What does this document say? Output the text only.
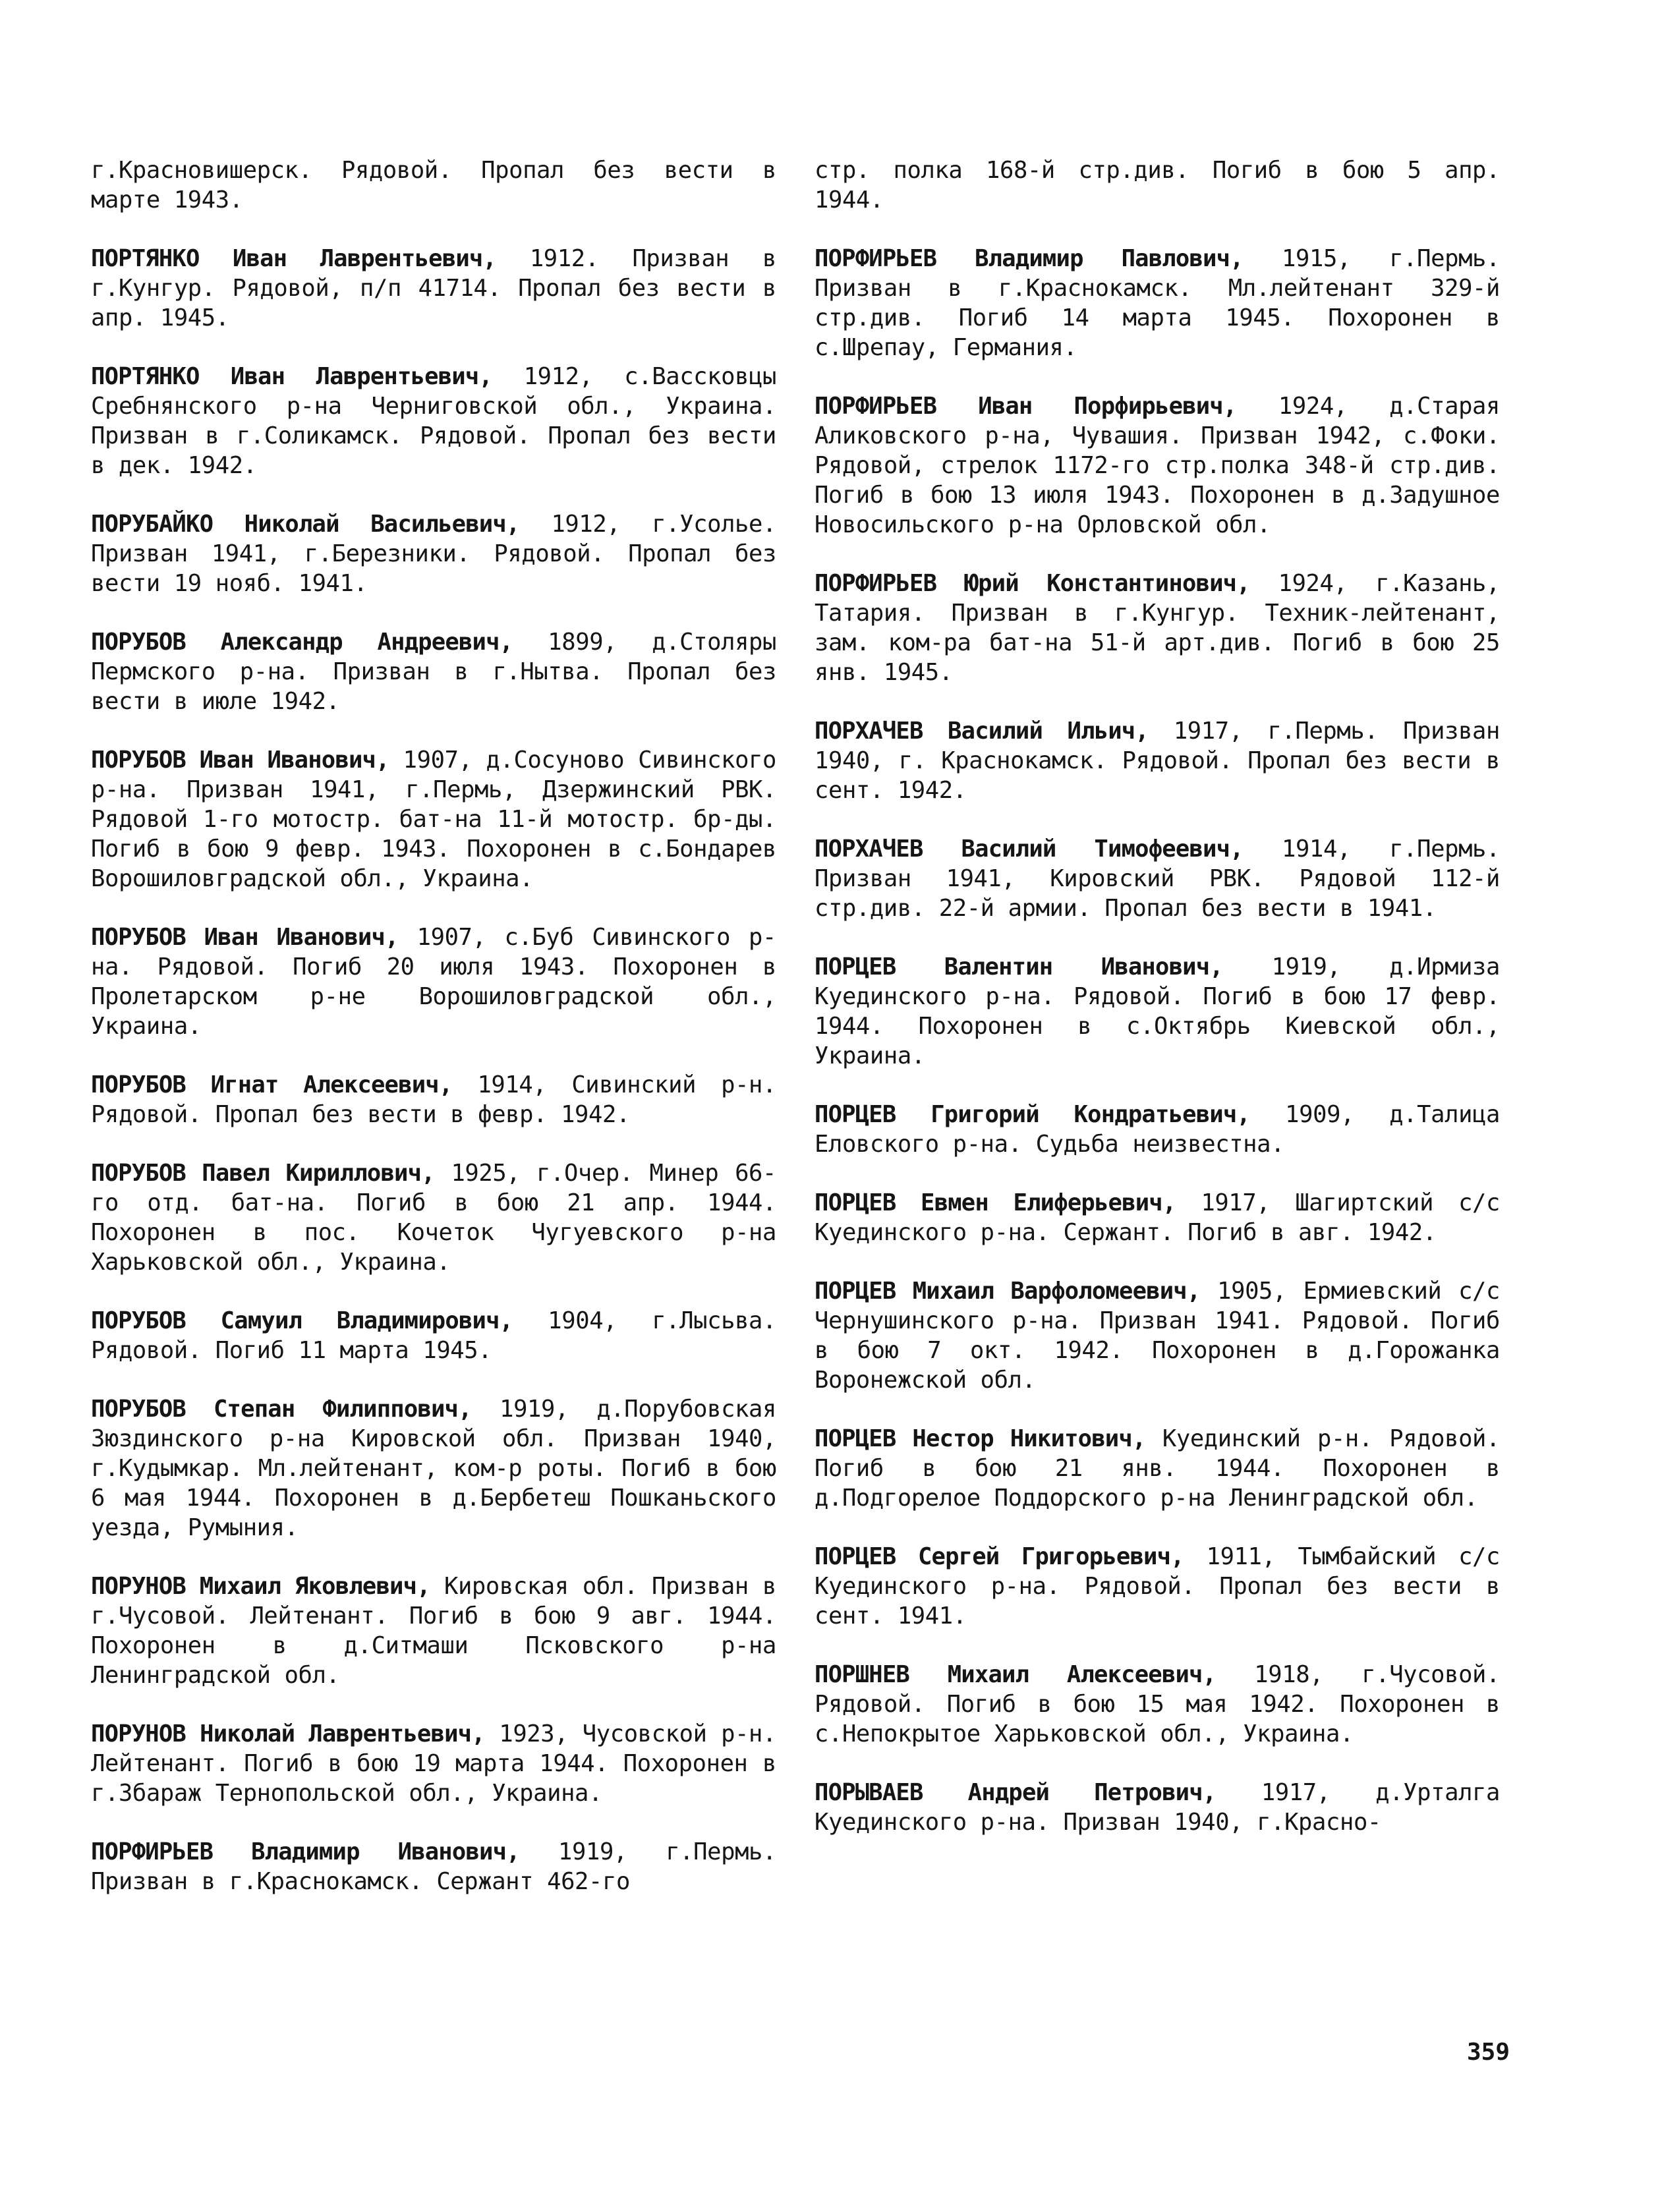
г.Красновишерск. Рядовой. Пропал без вести в марте 1943.

ПОРТЯНКО Иван Лаврентьевич, 1912. Призван в г.Кунгур. Рядовой, п/п 41714. Пропал без вести в апр. 1945.

ПОРТЯНКО Иван Лаврентьевич, 1912, с.Вассковцы Сребнянского р-на Черниговской обл., Украина. Призван в г.Соликамск. Рядовой. Пропал без вести в дек. 1942.

ПОРУБАЙКО Николай Васильевич, 1912, г.Усолье. Призван 1941, г.Березники. Рядовой. Пропал без вести 19 нояб. 1941.

ПОРУБОВ Александр Андреевич, 1899, д.Столяры Пермского р-на. Призван в г.Нытва. Пропал без вести в июле 1942.

ПОРУБОВ Иван Иванович, 1907, д.Сосуново Сивинского р-на. Призван 1941, г.Пермь, Дзержинский РВК. Рядовой 1-го мотостр. бат-на 11-й мотостр. бр-ды. Погиб в бою 9 февр. 1943. Похоронен в с.Бондарев Ворошиловградской обл., Украина.

ПОРУБОВ Иван Иванович, 1907, с.Буб Сивинского р-на. Рядовой. Погиб 20 июля 1943. Похоронен в Пролетарском р-не Ворошиловградской обл., Украина.

ПОРУБОВ Игнат Алексеевич, 1914, Сивинский р-н. Рядовой. Пропал без вести в февр. 1942.

ПОРУБОВ Павел Кириллович, 1925, г.Очер. Минер 66-го отд. бат-на. Погиб в бою 21 апр. 1944. Похоронен в пос. Кочеток Чугуевского р-на Харьковской обл., Украина.

ПОРУБОВ Самуил Владимирович, 1904, г.Лысьва. Рядовой. Погиб 11 марта 1945.

ПОРУБОВ Степан Филиппович, 1919, д.Порубовская Зюздинского р-на Кировской обл. Призван 1940, г.Кудымкар. Мл.лейтенант, ком-р роты. Погиб в бою 6 мая 1944. Похоронен в д.Бербетеш Пошканьского уезда, Румыния.

ПОРУНОВ Михаил Яковлевич, Кировская обл. Призван в г.Чусовой. Лейтенант. Погиб в бою 9 авг. 1944. Похоронен в д.Ситмаши Псковского р-на Ленинградской обл.

ПОРУНОВ Николай Лаврентьевич, 1923, Чусовской р-н. Лейтенант. Погиб в бою 19 марта 1944. Похоронен в г.Збараж Тернопольской обл., Украина.

ПОРФИРЬЕВ Владимир Иванович, 1919, г.Пермь. Призван в г.Краснокамск. Сержант 462-го

стр. полка 168-й стр.див. Погиб в бою 5 апр. 1944.

ПОРФИРЬЕВ Владимир Павлович, 1915, г.Пермь. Призван в г.Краснокамск. Мл.лейтенант 329-й стр.див. Погиб 14 марта 1945. Похоронен в с.Шрепау, Германия.

ПОРФИРЬЕВ Иван Порфирьевич, 1924, д.Старая Аликовского р-на, Чувашия. Призван 1942, с.Фоки. Рядовой, стрелок 1172-го стр.полка 348-й стр.див. Погиб в бою 13 июля 1943. Похоронен в д.Задушное Новосильского р-на Орловской обл.

ПОРФИРЬЕВ Юрий Константинович, 1924, г.Казань, Татария. Призван в г.Кунгур. Техник-лейтенант, зам. ком-ра бат-на 51-й арт.див. Погиб в бою 25 янв. 1945.

ПОРХАЧЕВ Василий Ильич, 1917, г.Пермь. Призван 1940, г. Краснокамск. Рядовой. Пропал без вести в сент. 1942.

ПОРХАЧЕВ Василий Тимофеевич, 1914, г.Пермь. Призван 1941, Кировский РВК. Рядовой 112-й стр.див. 22-й армии. Пропал без вести в 1941.

ПОРЦЕВ Валентин Иванович, 1919, д.Ирмиза Куединского р-на. Рядовой. Погиб в бою 17 февр. 1944. Похоронен в с.Октябрь Киевской обл., Украина.

ПОРЦЕВ Григорий Кондратьевич, 1909, д.Талица Еловского р-на. Судьба неизвестна.

ПОРЦЕВ Евмен Елиферьевич, 1917, Шагиртский с/с Куединского р-на. Сержант. Погиб в авг. 1942.

ПОРЦЕВ Михаил Варфоломеевич, 1905, Ермиевский с/с Чернушинского р-на. Призван 1941. Рядовой. Погиб в бою 7 окт. 1942. Похоронен в д.Горожанка Воронежской обл.

ПОРЦЕВ Нестор Никитович, Куединский р-н. Рядовой. Погиб в бою 21 янв. 1944. Похоронен в д.Подгорелое Поддорского р-на Ленинградской обл.

ПОРЦЕВ Сергей Григорьевич, 1911, Тымбайский с/с Куединского р-на. Рядовой. Пропал без вести в сент. 1941.

ПОРШНЕВ Михаил Алексеевич, 1918, г.Чусовой. Рядовой. Погиб в бою 15 мая 1942. Похоронен в с.Непокрытое Харьковской обл., Украина.

ПОРЫВАЕВ Андрей Петрович, 1917, д.Урталга Куединского р-на. Призван 1940, г.Красно-

359
